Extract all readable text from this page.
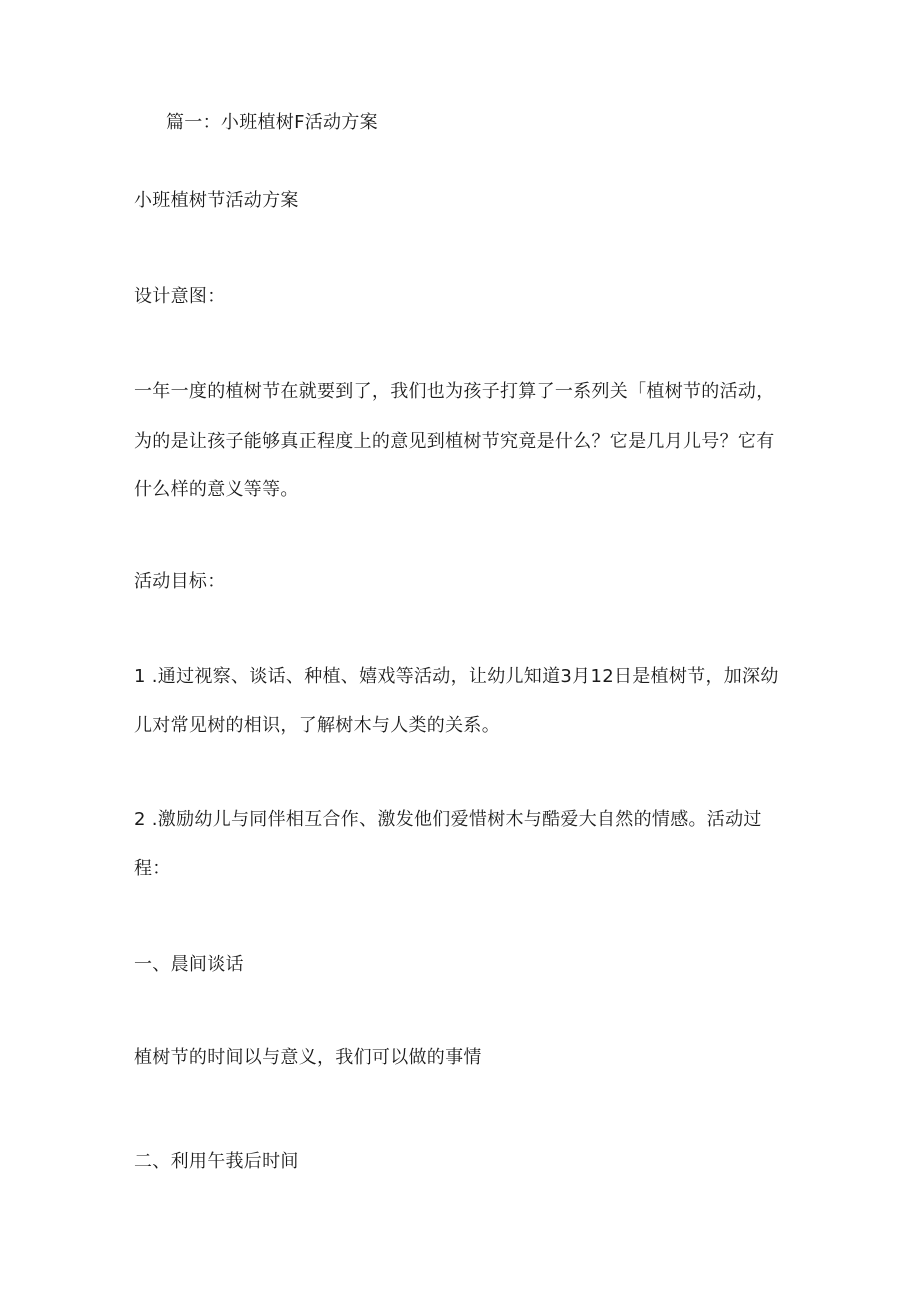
篇一：小班植树F活动方案
小班植树节活动方案
设计意图：
一年一度的植树节在就要到了，我们也为孩子打算了一系列关「植树节的活动，
为的是让孩子能够真正程度上的意见到植树节究竟是什么？它是几月儿号？它有
什么样的意义等等。
活动目标：
1 .通过视察、谈话、种植、嬉戏等活动，让幼儿知道3月12日是植树节，加深幼
儿对常见树的相识，了解树木与人类的关系。
2 .激励幼儿与同伴相互合作、激发他们爱惜树木与酷爱大自然的情感。活动过
程：
一、晨间谈话
植树节的时间以与意义，我们可以做的事情
二、利用午莪后时间
